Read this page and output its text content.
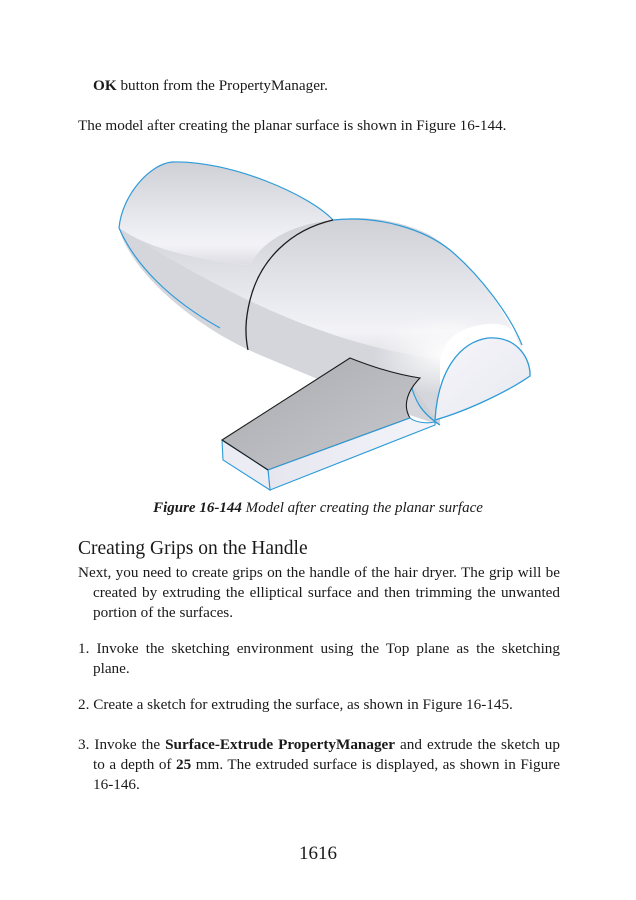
OK button from the PropertyManager.

The model after creating the planar surface is shown in Figure 16-144.

Figure 16-144 Model after creating the planar surface
Creating Grips on the Handle

Next, you need to create grips on the handle of the hair dryer. The grip will be created by extruding the elliptical surface and then trimming the unwanted portion of the surfaces.

1. Invoke the sketching environment using the Top plane as the sketching plane.

2. Create a sketch for extruding the surface, as shown in Figure 16-145.

3. Invoke the Surface-Extrude PropertyManager and extrude the sketch up to a depth of 25 mm. The extruded surface is displayed, as shown in Figure 16-146.

1616
